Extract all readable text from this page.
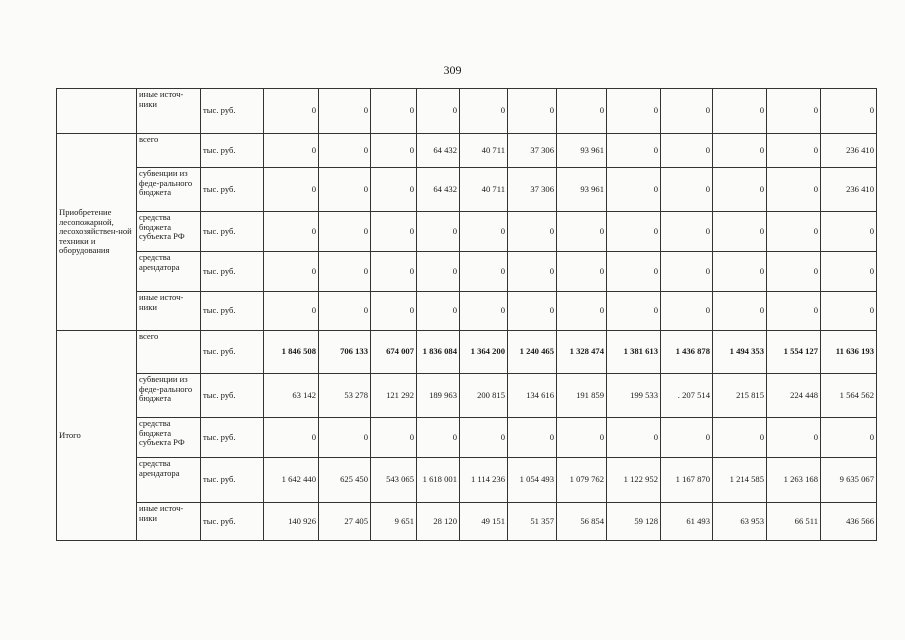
309
	иные источ-ники	тыс. руб.	0	0	0	0	0	0	0	0	0	0	0	0
Приобретение лесопожарной, лесохозяйствен-ной техники и оборудования	всего	тыс. руб.	0	0	0	64 432	40 711	37 306	93 961	0	0	0	0	236 410
	субвенции из феде-рального бюджета	тыс. руб.	0	0	0	64 432	40 711	37 306	93 961	0	0	0	0	236 410
	средства бюджета субъекта РФ	тыс. руб.	0	0	0	0	0	0	0	0	0	0	0	0
	средства арендатора	тыс. руб.	0	0	0	0	0	0	0	0	0	0	0	0
	иные источ-ники	тыс. руб.	0	0	0	0	0	0	0	0	0	0	0	0
Итого	всего	тыс. руб.	1 846 508	706 133	674 007	1 836 084	1 364 200	1 240 465	1 328 474	1 381 613	1 436 878	1 494 353	1 554 127	11 636 193
	субвенции из феде-рального бюджета	тыс. руб.	63 142	53 278	121 292	189 963	200 815	134 616	191 859	199 533	. 207 514	215 815	224 448	1 564 562
	средства бюджета субъекта РФ	тыс. руб.	0	0	0	0	0	0	0	0	0	0	0	0
	средства арендатора	тыс. руб.	1 642 440	625 450	543 065	1 618 001	1 114 236	1 054 493	1 079 762	1 122 952	1 167 870	1 214 585	1 263 168	9 635 067
	иные источ-ники	тыс. руб.	140 926	27 405	9 651	28 120	49 151	51 357	56 854	59 128	61 493	63 953	66 511	436 566
